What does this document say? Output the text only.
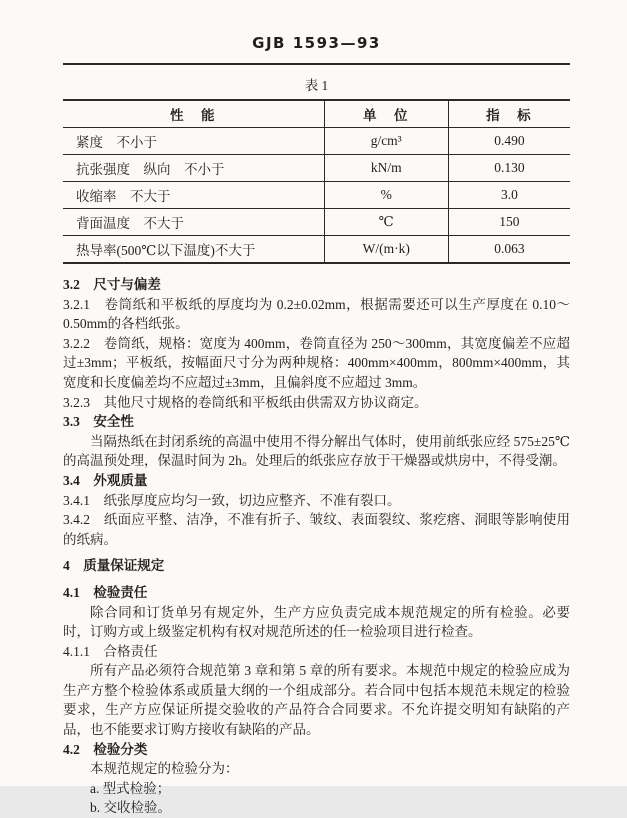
GJB 1593—93
表 1
性　能	单　位	指　标
紧度　不小于	g/cm³	0.490
抗张强度　纵向　不小于	kN/m	0.130
收缩率　不大于	%	3.0
背面温度　不大于	℃	150
热导率(500℃以下温度)不大于	W/(m·k)	0.063
3.2　尺寸与偏差
3.2.1　卷筒纸和平板纸的厚度均为 0.2±0.02mm，根据需要还可以生产厚度在 0.10～0.50mm的各档纸张。
3.2.2　卷筒纸，规格：宽度为 400mm，卷筒直径为 250～300mm，其宽度偏差不应超过±3mm；平板纸，按幅面尺寸分为两种规格：400mm×400mm，800mm×400mm，其宽度和长度偏差均不应超过±3mm，且偏斜度不应超过 3mm。
3.2.3　其他尺寸规格的卷筒纸和平板纸由供需双方协议商定。
3.3　安全性
当隔热纸在封闭系统的高温中使用不得分解出气体时，使用前纸张应经 575±25℃的高温预处理，保温时间为 2h。处理后的纸张应存放于干燥器或烘房中，不得受潮。
3.4　外观质量
3.4.1　纸张厚度应均匀一致，切边应整齐、不准有裂口。
3.4.2　纸面应平整、洁净，不准有折子、皱纹、表面裂纹、浆疙瘩、洞眼等影响使用的纸病。
4　质量保证规定
4.1　检验责任
除合同和订货单另有规定外，生产方应负责完成本规范规定的所有检验。必要时，订购方或上级鉴定机构有权对规范所述的任一检验项目进行检查。
4.1.1　合格责任
所有产品必须符合规范第 3 章和第 5 章的所有要求。本规范中规定的检验应成为生产方整个检验体系或质量大纲的一个组成部分。若合同中包括本规范未规定的检验要求，生产方应保证所提交验收的产品符合合同要求。不允许提交明知有缺陷的产品，也不能要求订购方接收有缺陷的产品。
4.2　检验分类
本规范规定的检验分为：
a. 型式检验；
b. 交收检验。
